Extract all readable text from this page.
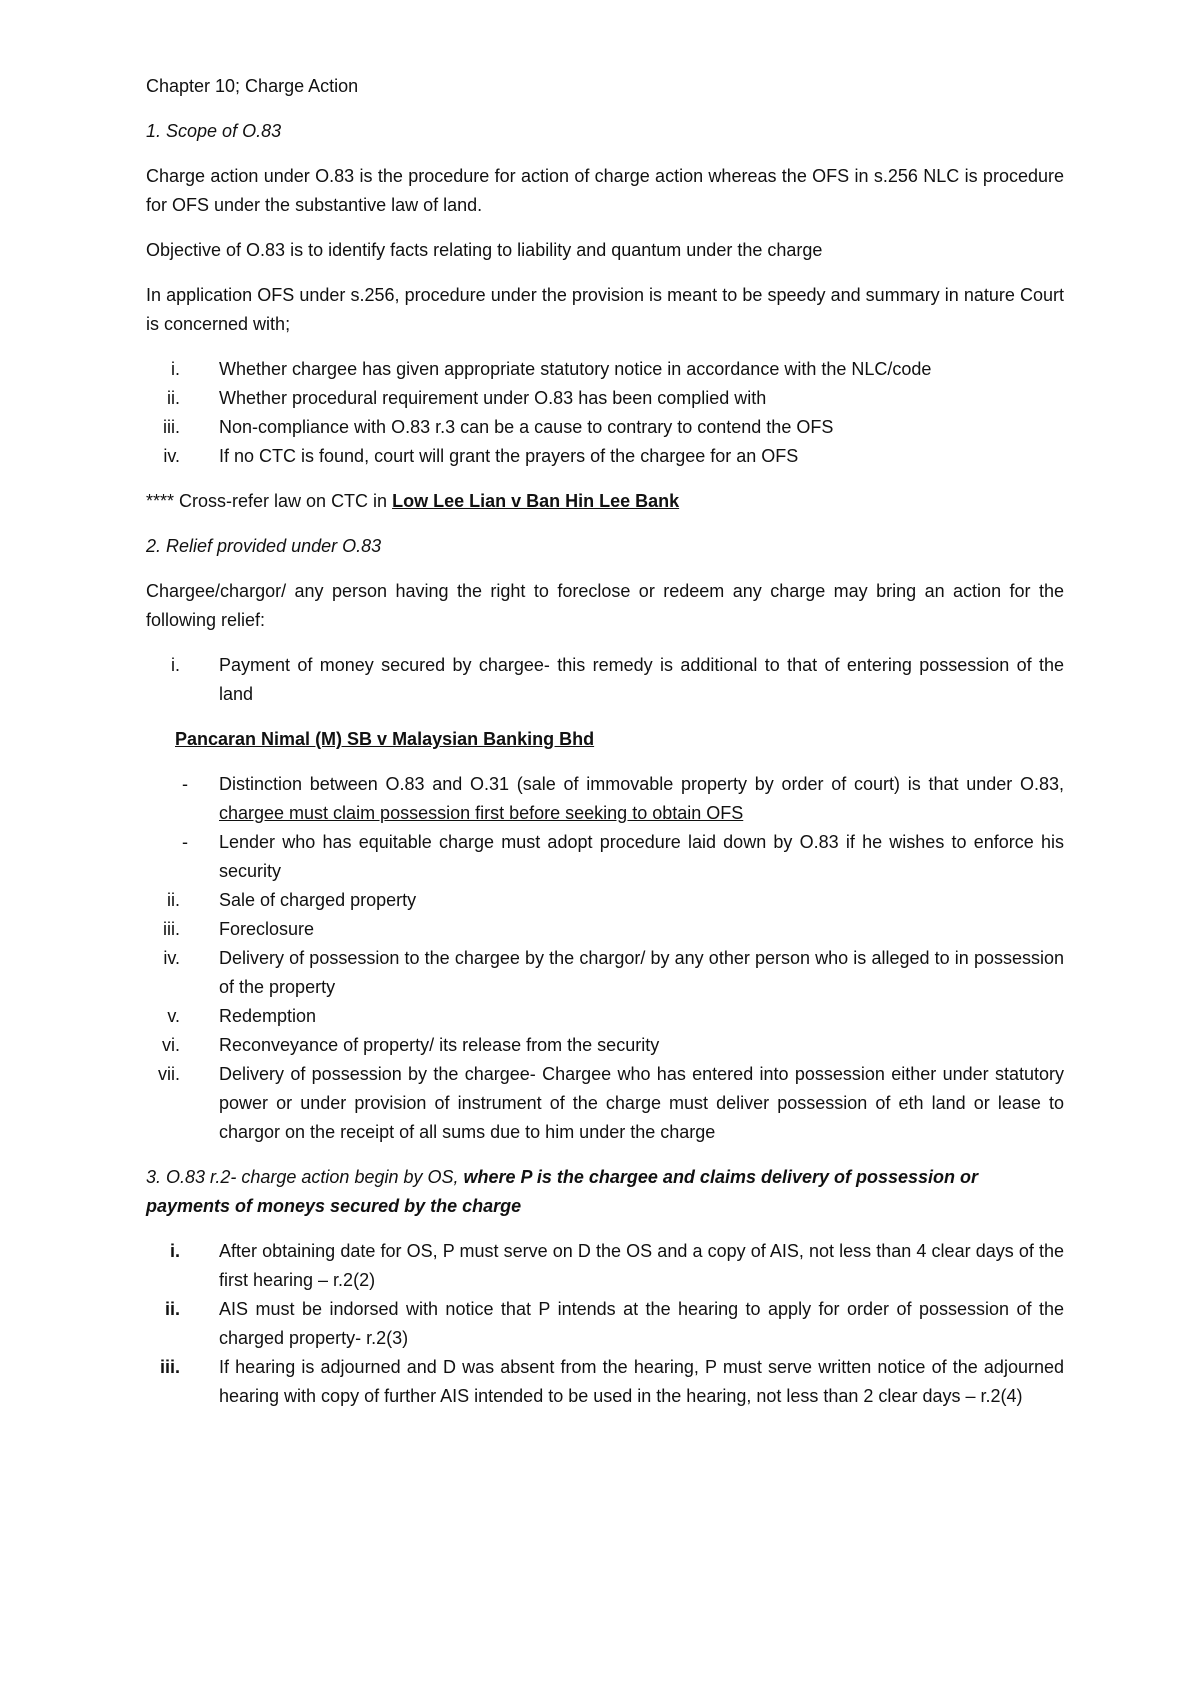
Chapter 10; Charge Action

1. Scope of O.83

Charge action under O.83 is the procedure for action of charge action whereas the OFS in s.256 NLC is procedure for OFS under the substantive law of land.

Objective of O.83 is to identify facts relating to liability and quantum under the charge

In application OFS under s.256, procedure under the provision is meant to be speedy and summary in nature Court is concerned with;

i. Whether chargee has given appropriate statutory notice in accordance with the NLC/code
ii. Whether procedural requirement under O.83 has been complied with
iii. Non-compliance with O.83 r.3 can be a cause to contrary to contend the OFS
iv. If no CTC is found, court will grant the prayers of the chargee for an OFS

**** Cross-refer law on CTC in Low Lee Lian v Ban Hin Lee Bank

2. Relief provided under O.83

Chargee/chargor/ any person having the right to foreclose or redeem any charge may bring an action for the following relief:

i. Payment of money secured by chargee- this remedy is additional to that of entering possession of the land

Pancaran Nimal (M) SB v Malaysian Banking Bhd

- Distinction between O.83 and O.31 (sale of immovable property by order of court) is that under O.83, chargee must claim possession first before seeking to obtain OFS
- Lender who has equitable charge must adopt procedure laid down by O.83 if he wishes to enforce his security
ii. Sale of charged property
iii. Foreclosure
iv. Delivery of possession to the chargee by the chargor/ by any other person who is alleged to in possession of the property
v. Redemption
vi. Reconveyance of property/ its release from the security
vii. Delivery of possession by the chargee- Chargee who has entered into possession either under statutory power or under provision of instrument of the charge must deliver possession of eth land or lease to chargor on the receipt of all sums due to him under the charge

3. O.83 r.2- charge action begin by OS, where P is the chargee and claims delivery of possession or payments of moneys secured by the charge

i. After obtaining date for OS, P must serve on D the OS and a copy of AIS, not less than 4 clear days of the first hearing – r.2(2)
ii. AIS must be indorsed with notice that P intends at the hearing to apply for order of possession of the charged property- r.2(3)
iii. If hearing is adjourned and D was absent from the hearing, P must serve written notice of the adjourned hearing with copy of further AIS intended to be used in the hearing, not less than 2 clear days – r.2(4)
